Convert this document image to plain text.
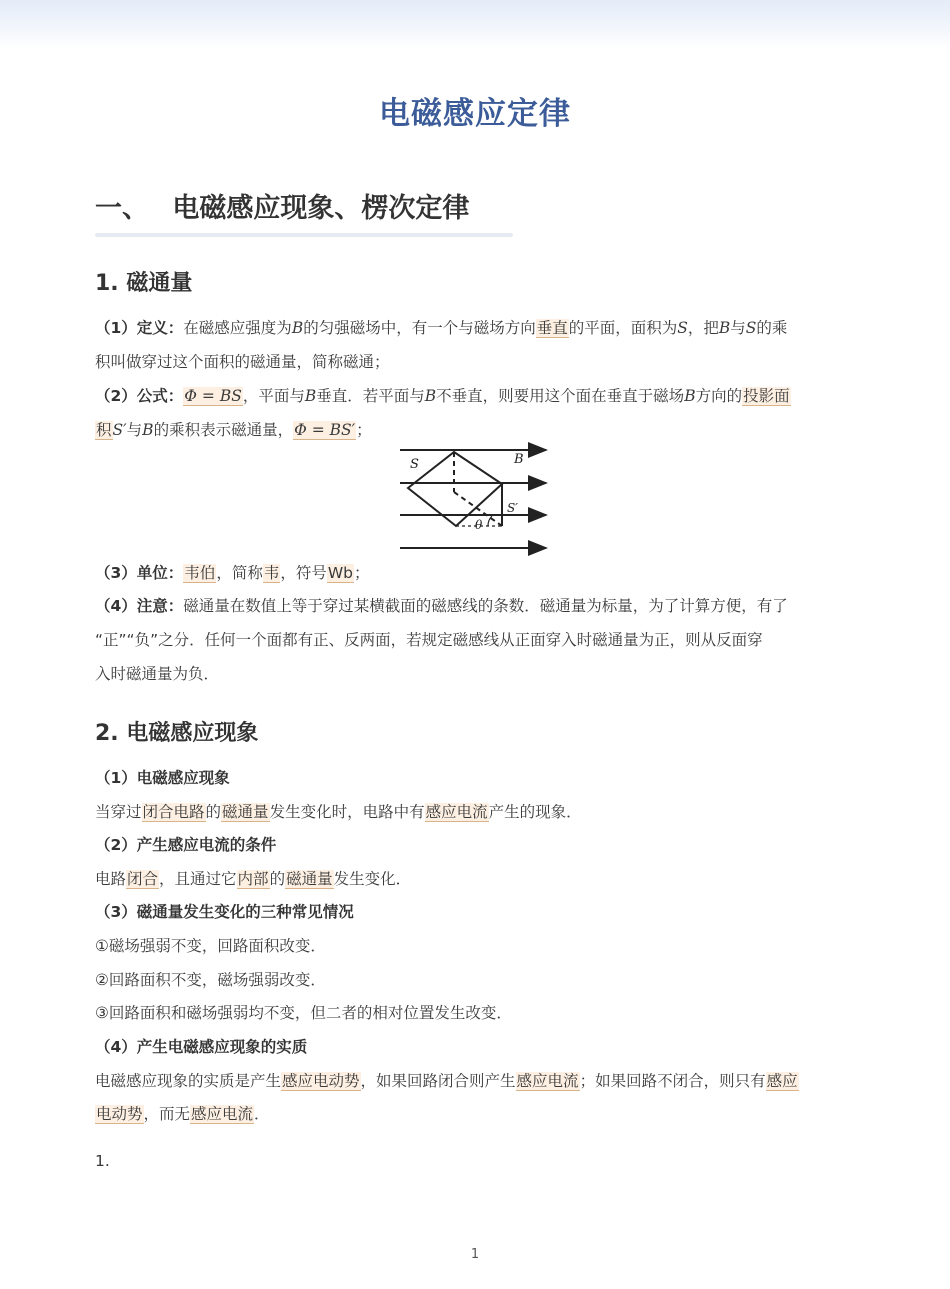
电磁感应定律
一、 电磁感应现象、楞次定律
1. 磁通量
（1）定义：在磁感应强度为B的匀强磁场中，有一个与磁场方向垂直的平面，面积为S，把B与S的乘
积叫做穿过这个面积的磁通量，简称磁通；
（2）公式：Φ = BS，平面与B垂直．若平面与B不垂直，则要用这个面在垂直于磁场B方向的投影面
积S′与B的乘积表示磁通量，Φ = BS′；
S	B
S′
θ
（3）单位：韦伯，简称韦，符号Wb；
（4）注意：磁通量在数值上等于穿过某横截面的磁感线的条数．磁通量为标量，为了计算方便，有了
“正”“负”之分．任何一个面都有正、反两面，若规定磁感线从正面穿入时磁通量为正，则从反面穿
入时磁通量为负．
2. 电磁感应现象
（1）电磁感应现象
当穿过闭合电路的磁通量发生变化时，电路中有感应电流产生的现象．
（2）产生感应电流的条件
电路闭合，且通过它内部的磁通量发生变化．
（3）磁通量发生变化的三种常见情况
①磁场强弱不变，回路面积改变．
②回路面积不变，磁场强弱改变．
③回路面积和磁场强弱均不变，但二者的相对位置发生改变．
（4）产生电磁感应现象的实质
电磁感应现象的实质是产生感应电动势，如果回路闭合则产生感应电流；如果回路不闭合，则只有感应
电动势，而无感应电流．
1.
1
